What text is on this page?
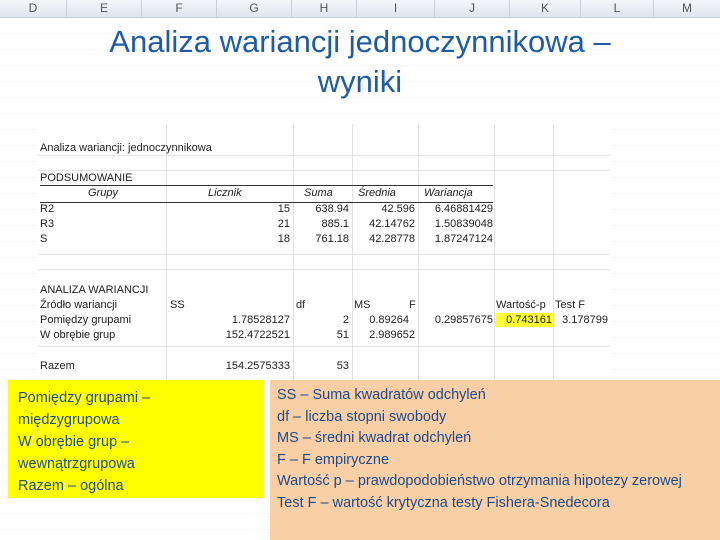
D	E	F	G	H	I	J	K	L	M
Analiza wariancji jednoczynnikowa –
wyniki
Analiza wariancji: jednoczynnikowa
PODSUMOWANIE
Grupy	Licznik	Suma Średnia	Wariancja
R2	15	638.94	42.596	6.46881429
R3	21	885.1	42.14762	1.50839048
S	18	761.18	42.28778	1.87247124
ANALIZA WARIANCJI
Źródło wariancji	SS	df	MS	F	Wartość-p Test F
Pomiędzy grupami	1.78528127	2	0.89264	0.29857675	0.743161 3.178799
W obrębie grup	152.4722521	51	2.989652
Razem	154.2575333	53
Pomiędzy grupami –
międzygrupowa
W obrębie grup –
wewnątrzgrupowa
Razem – ogólna
SS – Suma kwadratów odchyleń
df – liczba stopni swobody
MS – średni kwadrat odchyleń
F – F empiryczne
Wartość p – prawdopodobieństwo otrzymania hipotezy zerowej
Test F – wartość krytyczna testy Fishera-Snedecora
